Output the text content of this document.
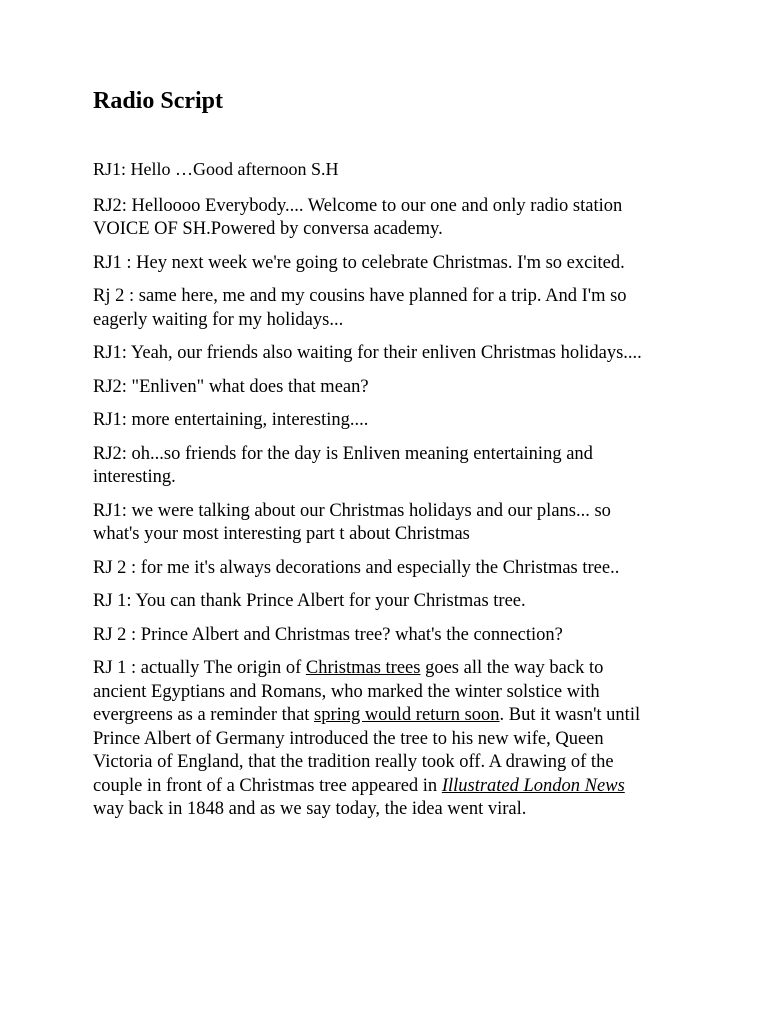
Radio Script

RJ1: Hello …Good afternoon S.H

RJ2: Helloooo Everybody.... Welcome to our one and only radio station VOICE OF SH.Powered by conversa academy.

RJ1 : Hey next week we're going to celebrate Christmas. I'm so excited.

Rj 2 : same here, me and my cousins have planned for a trip. And I'm so eagerly waiting for my holidays...

RJ1: Yeah, our friends also waiting for their enliven Christmas holidays....

RJ2: "Enliven" what does that mean?

RJ1: more entertaining, interesting....

RJ2: oh...so friends for the day is Enliven meaning entertaining and interesting.

RJ1: we were talking about our Christmas holidays and our plans... so what's your most interesting part t about Christmas

RJ 2 : for me it's always decorations and especially the Christmas tree..

RJ 1: You can thank Prince Albert for your Christmas tree.

RJ 2 : Prince Albert and Christmas tree? what's the connection?

RJ 1 : actually The origin of Christmas trees goes all the way back to ancient Egyptians and Romans, who marked the winter solstice with evergreens as a reminder that spring would return soon. But it wasn't until Prince Albert of Germany introduced the tree to his new wife, Queen Victoria of England, that the tradition really took off. A drawing of the couple in front of a Christmas tree appeared in Illustrated London News way back in 1848 and as we say today, the idea went viral.
